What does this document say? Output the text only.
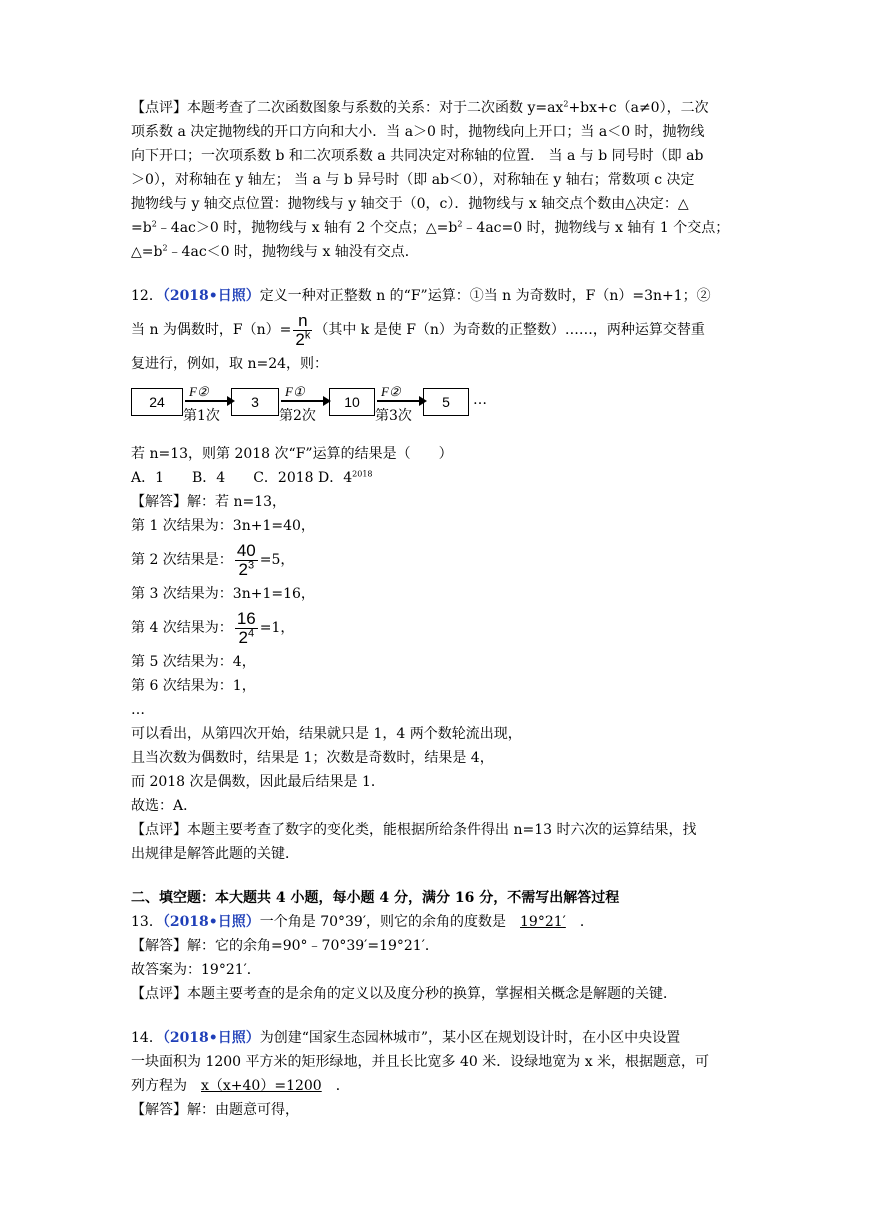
【点评】本题考查了二次函数图象与系数的关系：对于二次函数 $y=ax^2+bx+c(a\ne 0)$，二次
项系数 a 决定抛物线的开口方向和大小．当 a＞0 时，抛物线向上开口；当 a＜0 时，抛物线
向下开口；一次项系数 b 和二次项系数 a 共同决定对称轴的位置． 当 a 与 b 同号时（即 ab
＞0），对称轴在 y 轴左； 当 a 与 b 异号时（即 ab＜0），对称轴在 y 轴右；常数项 c 决定
抛物线与 y 轴交点位置：抛物线与 y 轴交于（0，c）．抛物线与 x 轴交点个数由△决定：△
$=b^2﹣4ac>0$ 时，抛物线与 x 轴有 2 个交点；$\triangle=b^2﹣4ac=0$ 时，抛物线与 x 轴有 1 个交点；
$\triangle=b^2﹣4ac<0$ 时，抛物线与 x 轴没有交点．
12．（2018•日照）定义一种对正整数 n 的“F”运算：①当 n 为奇数时，F（n）=3n+1；②
当 n 为偶数时，$F(n)= \frac{n}{2^k}$ （其中 k 是使 F（n）为奇数的正整数）……，两种运算交替重
复进行，例如，取 n=24，则：
24
F②
第1次
3
F①
第2次
10
F②
第3次
5	…
若 n=13，则第 2018 次“F”运算的结果是（　　）
A．1　　B．4　　C．2018 D．$4^{2018}$
【解答】解：若 n=13，
第 1 次结果为：3n+1=40，
第 2 次结果是： $\frac{40}{2^3} =5$，
第 3 次结果为：3n+1=16，
第 4 次结果为： $\frac{16}{2^4} =1$，
第 5 次结果为：4，
第 6 次结果为：1，
…
可以看出，从第四次开始，结果就只是 1，4 两个数轮流出现，
且当次数为偶数时，结果是 1；次数是奇数时，结果是 4，
而 2018 次是偶数，因此最后结果是 1．
故选：A．
【点评】本题主要考查了数字的变化类，能根据所给条件得出 n=13 时六次的运算结果，找
出规律是解答此题的关键．
二、填空题：本大题共 4 小题，每小题 4 分，满分 16 分，不需写出解答过程
13．（2018•日照）一个角是 70°39′，则它的余角的度数是 19°21′ ．
【解答】解：它的余角=90°﹣70°39′=19°21′．
故答案为：19°21′．
【点评】本题主要考查的是余角的定义以及度分秒的换算，掌握相关概念是解题的关键．
14．（2018•日照）为创建“国家生态园林城市”，某小区在规划设计时，在小区中央设置
一块面积为 1200 平方米的矩形绿地，并且长比宽多 40 米．设绿地宽为 x 米，根据题意，可
列方程为 x（x+40）=1200 ．
【解答】解：由题意可得，
